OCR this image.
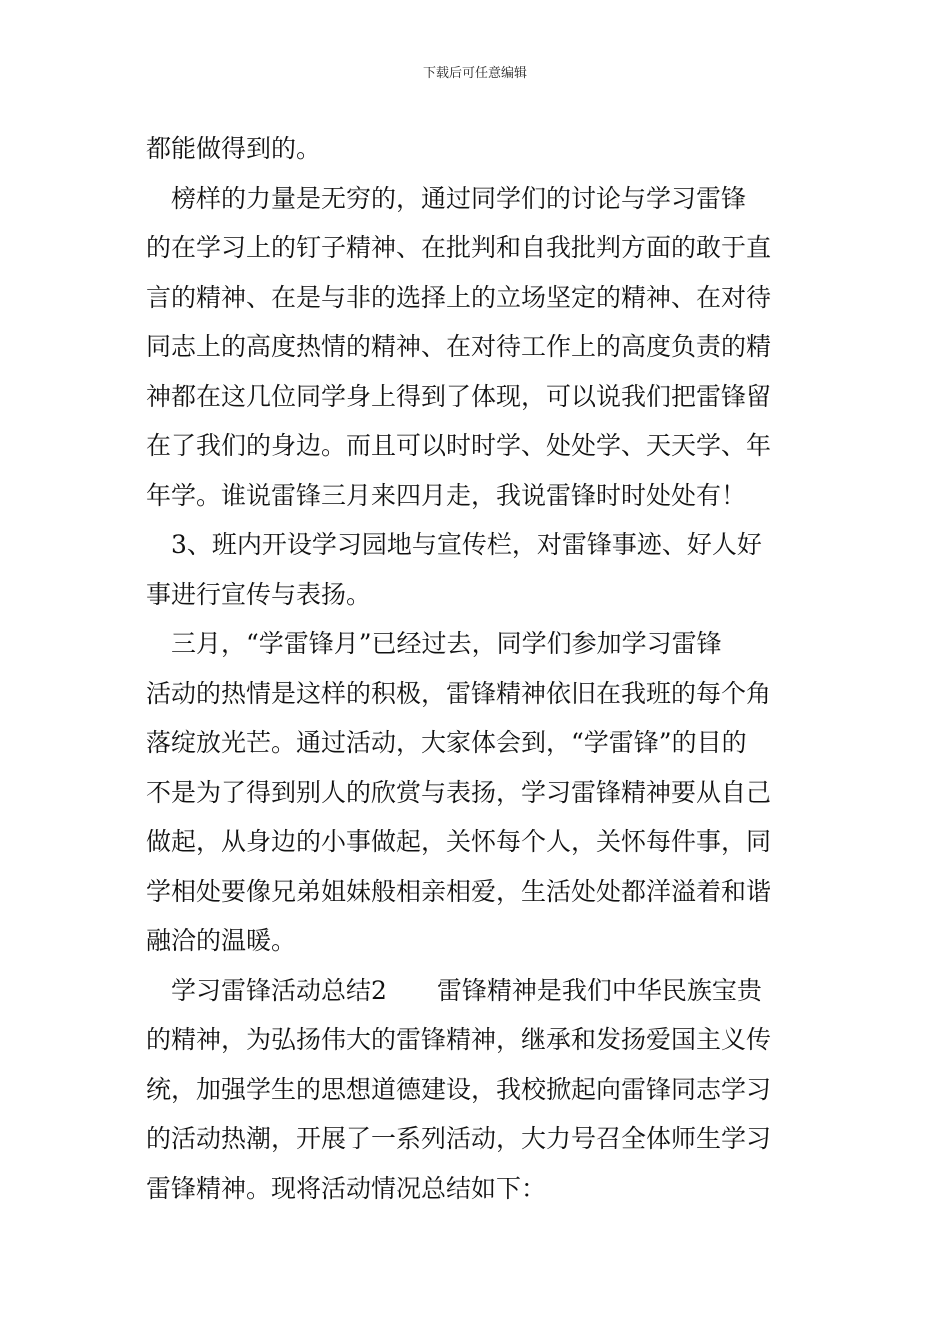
下载后可任意编辑
都能做得到的。
　榜样的力量是无穷的，通过同学们的讨论与学习雷锋
的在学习上的钉子精神、在批判和自我批判方面的敢于直
言的精神、在是与非的选择上的立场坚定的精神、在对待
同志上的高度热情的精神、在对待工作上的高度负责的精
神都在这几位同学身上得到了体现，可以说我们把雷锋留
在了我们的身边。而且可以时时学、处处学、天天学、年
年学。谁说雷锋三月来四月走，我说雷锋时时处处有！
　3、班内开设学习园地与宣传栏，对雷锋事迹、好人好
事进行宣传与表扬。
　三月，“学雷锋月”已经过去，同学们参加学习雷锋
活动的热情是这样的积极，雷锋精神依旧在我班的每个角
落绽放光芒。通过活动，大家体会到，“学雷锋”的目的
不是为了得到别人的欣赏与表扬，学习雷锋精神要从自己
做起，从身边的小事做起，关怀每个人，关怀每件事，同
学相处要像兄弟姐妹般相亲相爱，生活处处都洋溢着和谐
融洽的温暖。
　学习雷锋活动总结2　　雷锋精神是我们中华民族宝贵
的精神，为弘扬伟大的雷锋精神，继承和发扬爱国主义传
统，加强学生的思想道德建设，我校掀起向雷锋同志学习
的活动热潮，开展了一系列活动，大力号召全体师生学习
雷锋精神。现将活动情况总结如下：
